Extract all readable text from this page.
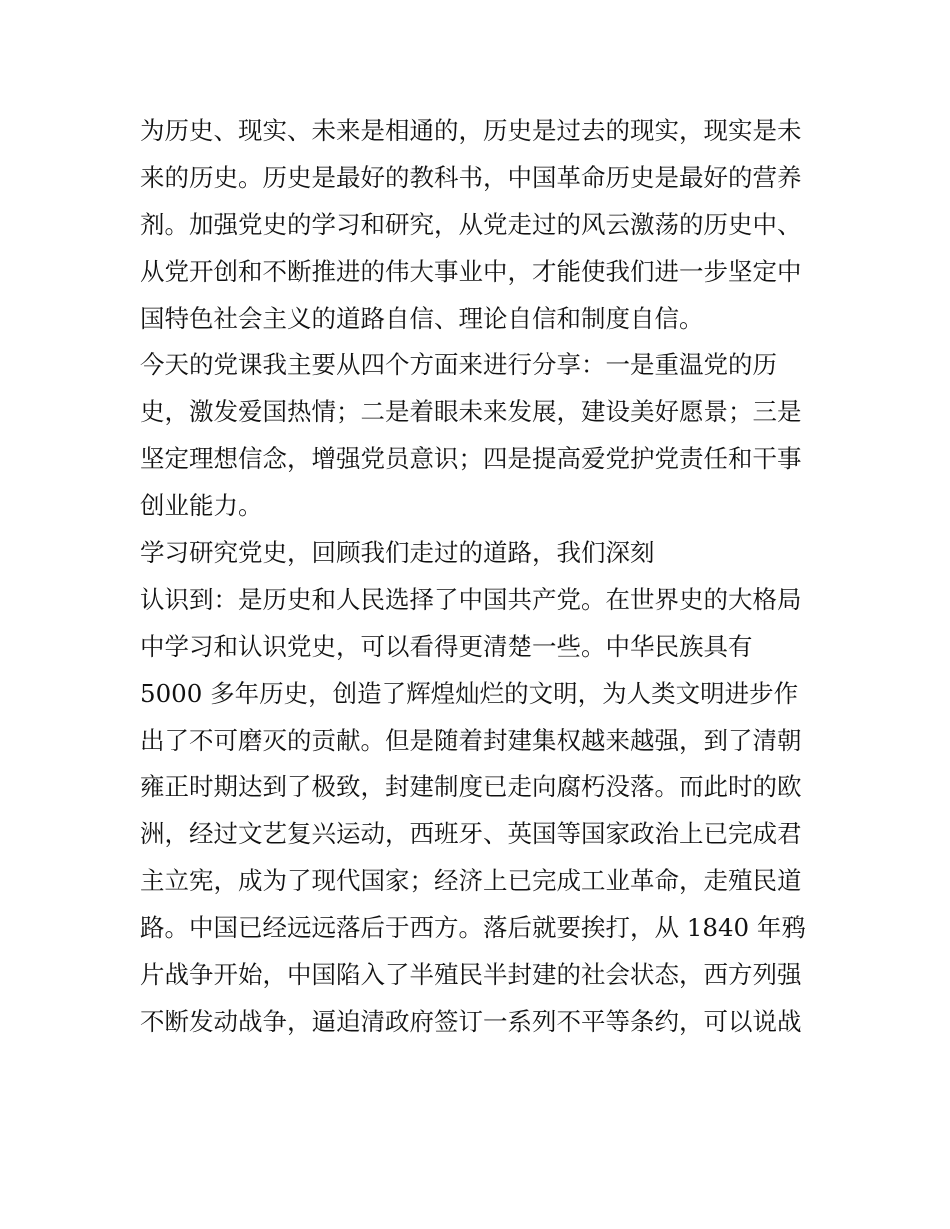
为历史、现实、未来是相通的，历史是过去的现实，现实是未
来的历史。历史是最好的教科书，中国革命历史是最好的营养
剂。加强党史的学习和研究，从党走过的风云激荡的历史中、
从党开创和不断推进的伟大事业中，才能使我们进一步坚定中
国特色社会主义的道路自信、理论自信和制度自信。
今天的党课我主要从四个方面来进行分享：一是重温党的历
史，激发爱国热情；二是着眼未来发展，建设美好愿景；三是
坚定理想信念，增强党员意识；四是提高爱党护党责任和干事
创业能力。
学习研究党史，回顾我们走过的道路，我们深刻
认识到：是历史和人民选择了中国共产党。在世界史的大格局
中学习和认识党史，可以看得更清楚一些。中华民族具有
5000 多年历史，创造了辉煌灿烂的文明，为人类文明进步作
出了不可磨灭的贡献。但是随着封建集权越来越强，到了清朝
雍正时期达到了极致，封建制度已走向腐朽没落。而此时的欧
洲，经过文艺复兴运动，西班牙、英国等国家政治上已完成君
主立宪，成为了现代国家；经济上已完成工业革命，走殖民道
路。中国已经远远落后于西方。落后就要挨打，从 1840 年鸦
片战争开始，中国陷入了半殖民半封建的社会状态，西方列强
不断发动战争，逼迫清政府签订一系列不平等条约，可以说战
